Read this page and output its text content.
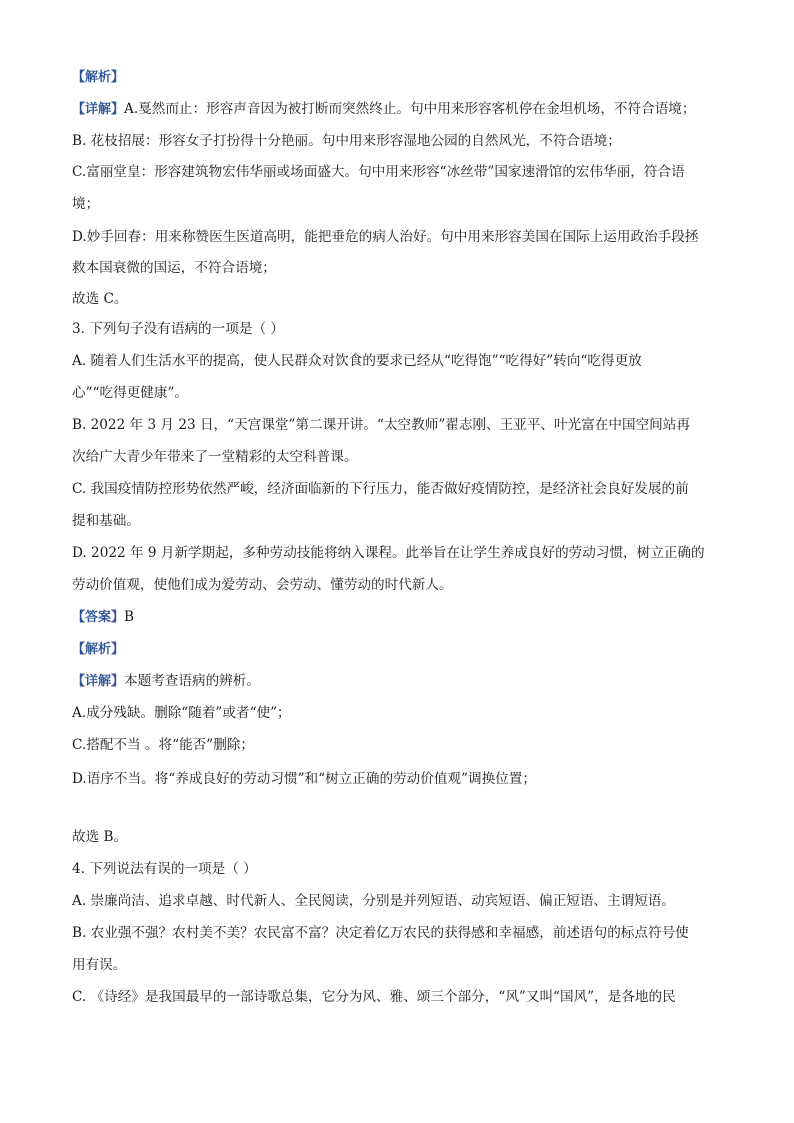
【解析】

【详解】A.戛然而止：形容声音因为被打断而突然终止。句中用来形容客机停在金坦机场，不符合语境；

B. 花枝招展：形容女子打扮得十分艳丽。句中用来形容湿地公园的自然风光，不符合语境；

C.富丽堂皇：形容建筑物宏伟华丽或场面盛大。句中用来形容“冰丝带”国家速滑馆的宏伟华丽，符合语

境；

D.妙手回春：用来称赞医生医道高明，能把垂危的病人治好。句中用来形容美国在国际上运用政治手段拯

救本国衰微的国运，不符合语境；

故选 C。

3. 下列句子没有语病的一项是（ ）

A. 随着人们生活水平的提高，使人民群众对饮食的要求已经从“吃得饱”“吃得好”转向“吃得更放

心”“吃得更健康”。

B. 2022 年 3 月 23 日，“天宫课堂”第二课开讲。“太空教师”翟志刚、王亚平、叶光富在中国空间站再

次给广大青少年带来了一堂精彩的太空科普课。

C. 我国疫情防控形势依然严峻，经济面临新的下行压力，能否做好疫情防控，是经济社会良好发展的前

提和基础。

D. 2022 年 9 月新学期起，多种劳动技能将纳入课程。此举旨在让学生养成良好的劳动习惯，树立正确的

劳动价值观，使他们成为爱劳动、会劳动、懂劳动的时代新人。

【答案】B

【解析】

【详解】本题考查语病的辨析。

A.成分残缺。删除“随着”或者“使”；

C.搭配不当 。将“能否”删除；

D.语序不当。将“养成良好的劳动习惯”和“树立正确的劳动价值观”调换位置；

故选 B。

4. 下列说法有误的一项是（ ）

A. 崇廉尚洁、追求卓越、时代新人、全民阅读，分别是并列短语、动宾短语、偏正短语、主谓短语。

B. 农业强不强？农村美不美？农民富不富？决定着亿万农民的获得感和幸福感，前述语句的标点符号使

用有误。

C. 《诗经》是我国最早的一部诗歌总集，它分为风、雅、颂三个部分，“风”又叫“国风”，是各地的民
